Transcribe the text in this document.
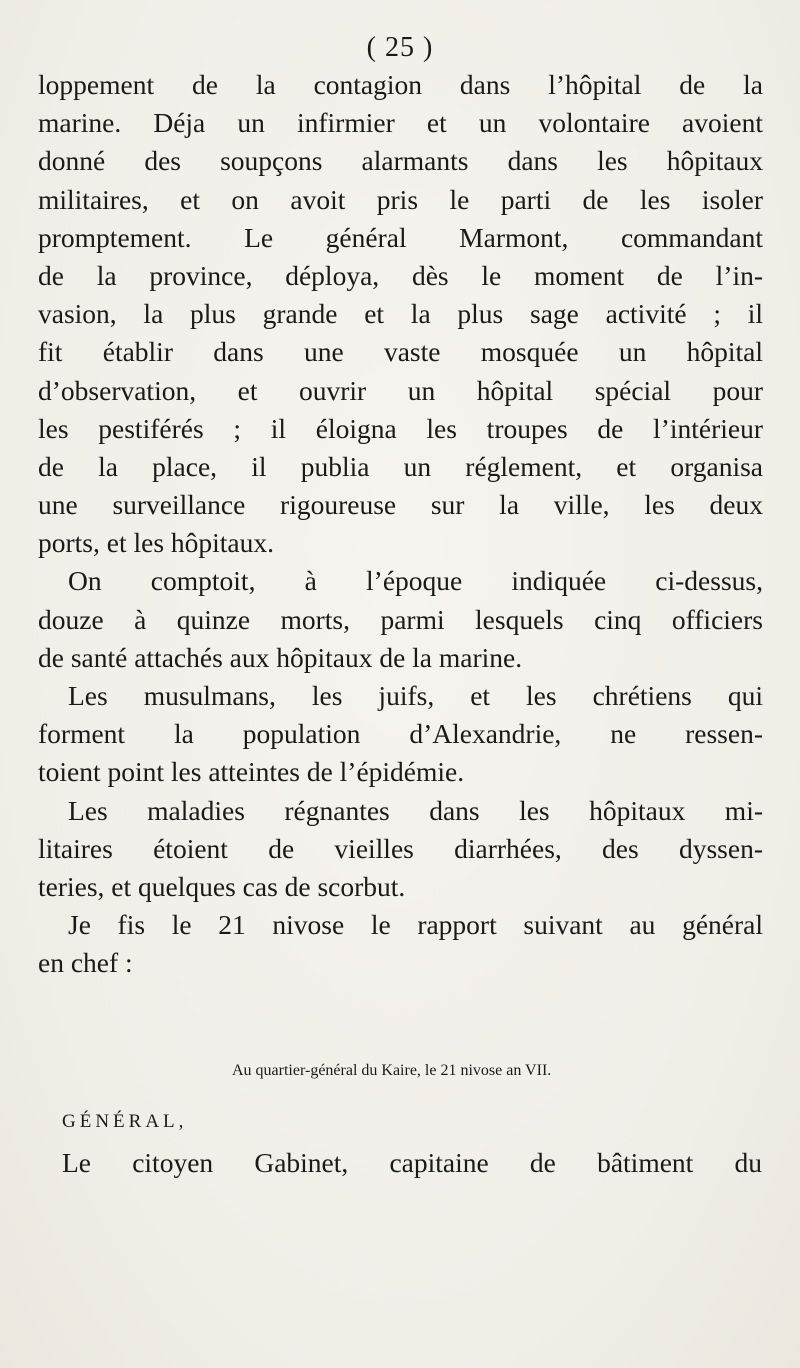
( 25 )
loppement de la contagion dans l’hôpital de la
marine. Déja un infirmier et un volontaire avoient
donné des soupçons alarmants dans les hôpitaux
militaires, et on avoit pris le parti de les isoler
promptement. Le général Marmont, commandant
de la province, déploya, dès le moment de l’in-
vasion, la plus grande et la plus sage activité ; il
fit établir dans une vaste mosquée un hôpital
d’observation, et ouvrir un hôpital spécial pour
les pestiférés ; il éloigna les troupes de l’intérieur
de la place, il publia un réglement, et organisa
une surveillance rigoureuse sur la ville, les deux
ports, et les hôpitaux.
On comptoit, à l’époque indiquée ci-dessus,
douze à quinze morts, parmi lesquels cinq officiers
de santé attachés aux hôpitaux de la marine.
Les musulmans, les juifs, et les chrétiens qui
forment la population d’Alexandrie, ne ressen-
toient point les atteintes de l’épidémie.
Les maladies régnantes dans les hôpitaux mi-
litaires étoient de vieilles diarrhées, des dyssen-
teries, et quelques cas de scorbut.
Je fis le 21 nivose le rapport suivant au général
en chef :
Au quartier-général du Kaire, le 21 nivose an VII.
GÉNÉRAL,
Le citoyen Gabinet, capitaine de bâtiment du
